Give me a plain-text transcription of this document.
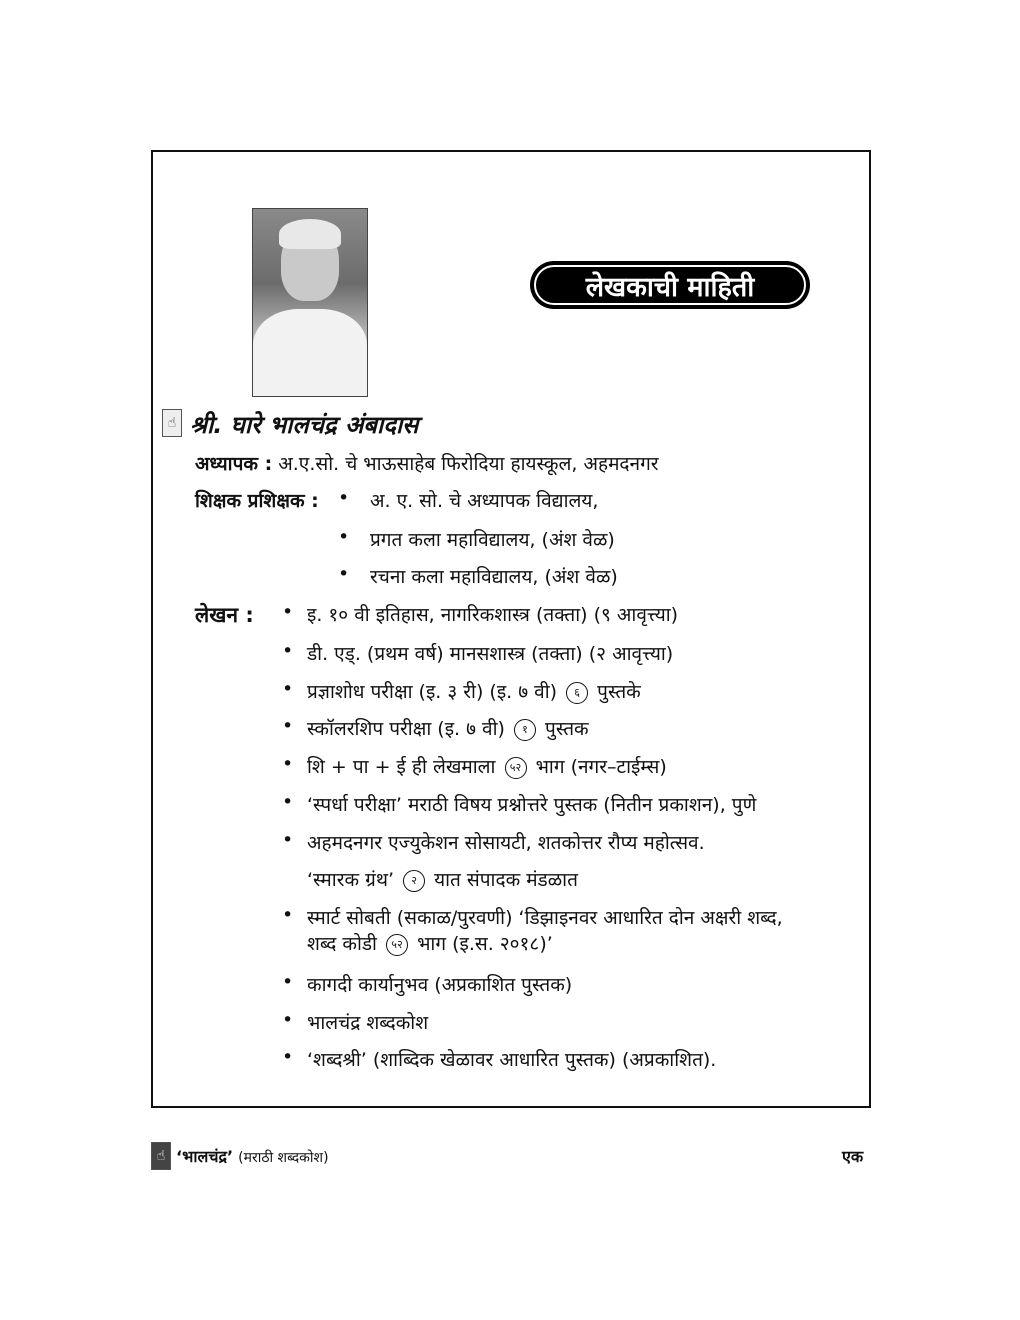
लेखकाची माहिती
☝ श्री. घारे भालचंद्र अंबादास
अध्यापक : अ.ए.सो. चे भाऊसाहेब फिरोदिया हायस्कूल, अहमदनगर
शिक्षक प्रशिक्षक : • अ. ए. सो. चे अध्यापक विद्यालय,
• प्रगत कला महाविद्यालय, (अंश वेळ)
• रचना कला महाविद्यालय, (अंश वेळ)
लेखन : • इ. १० वी इतिहास, नागरिकशास्त्र (तक्ता) (९ आवृत्त्या)
• डी. एड्. (प्रथम वर्ष) मानसशास्त्र (तक्ता) (२ आवृत्त्या)
• प्रज्ञाशोध परीक्षा (इ. ३ री) (इ. ७ वी) ६ पुस्तके
• स्कॉलरशिप परीक्षा (इ. ७ वी) १ पुस्तक
• शि + पा + ई ही लेखमाला ५२ भाग (नगर–टाईम्स)
• ‘स्पर्धा परीक्षा’ मराठी विषय प्रश्नोत्तरे पुस्तक (नितीन प्रकाशन), पुणे
• अहमदनगर एज्युकेशन सोसायटी, शतकोत्तर रौप्य महोत्सव.
‘स्मारक ग्रंथ’ २ यात संपादक मंडळात
• स्मार्ट सोबती (सकाळ/पुरवणी) ‘डिझाइनवर आधारित दोन अक्षरी शब्द,
शब्द कोडी ५२ भाग (इ.स. २०१८)’
• कागदी कार्यानुभव (अप्रकाशित पुस्तक)
• भालचंद्र शब्दकोश
• ‘शब्दश्री’ (शाब्दिक खेळावर आधारित पुस्तक) (अप्रकाशित).
☝ ‘भालचंद्र’ (मराठी शब्दकोश)	एक
